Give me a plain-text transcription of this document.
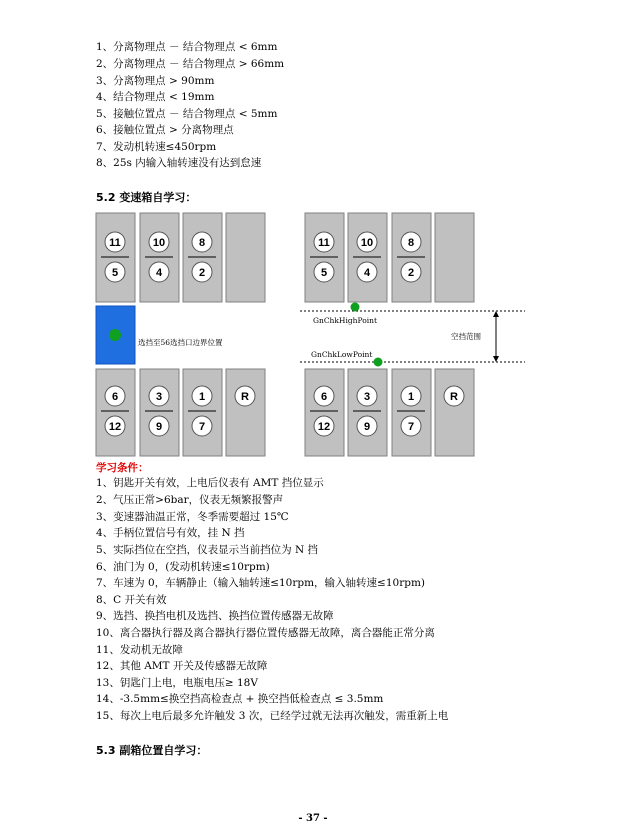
1、分离物理点 － 结合物理点 < 6mm
2、分离物理点 － 结合物理点 > 66mm
3、分离物理点 > 90mm
4、结合物理点 < 19mm
5、接触位置点 － 结合物理点 < 5mm
6、接触位置点 > 分离物理点
7、发动机转速≤450rpm
8、25s 内输入轴转速没有达到怠速
5.2 变速箱自学习：
选挡至56选挡口边界位置
GnChkHighPoint
GnChkLowPoint
空挡范围
11
5
6
12
10
4
3
9
8
2
1
7
11
5
6
12
10
4
3
9
8
2
1
7
R	R
学习条件：
1、钥匙开关有效，上电后仪表有 AMT 挡位显示
2、气压正常>6bar，仪表无频繁报警声
3、变速器油温正常，冬季需要超过 15℃
4、手柄位置信号有效，挂 N 挡
5、实际挡位在空挡，仪表显示当前挡位为 N 挡
6、油门为 0，(发动机转速≤10rpm)
7、车速为 0，车辆静止（输入轴转速≤10rpm，输入轴转速≤10rpm)
8、C 开关有效
9、选挡、换挡电机及选挡、换挡位置传感器无故障
10、离合器执行器及离合器执行器位置传感器无故障，离合器能正常分离
11、发动机无故障
12、其他 AMT 开关及传感器无故障
13、钥匙门上电，电瓶电压≥ 18V
14、-3.5mm≤换空挡高检查点 + 换空挡低检查点 ≤ 3.5mm
15、每次上电后最多允许触发 3 次，已经学过就无法再次触发，需重新上电
5.3 副箱位置自学习：
- 37 -
